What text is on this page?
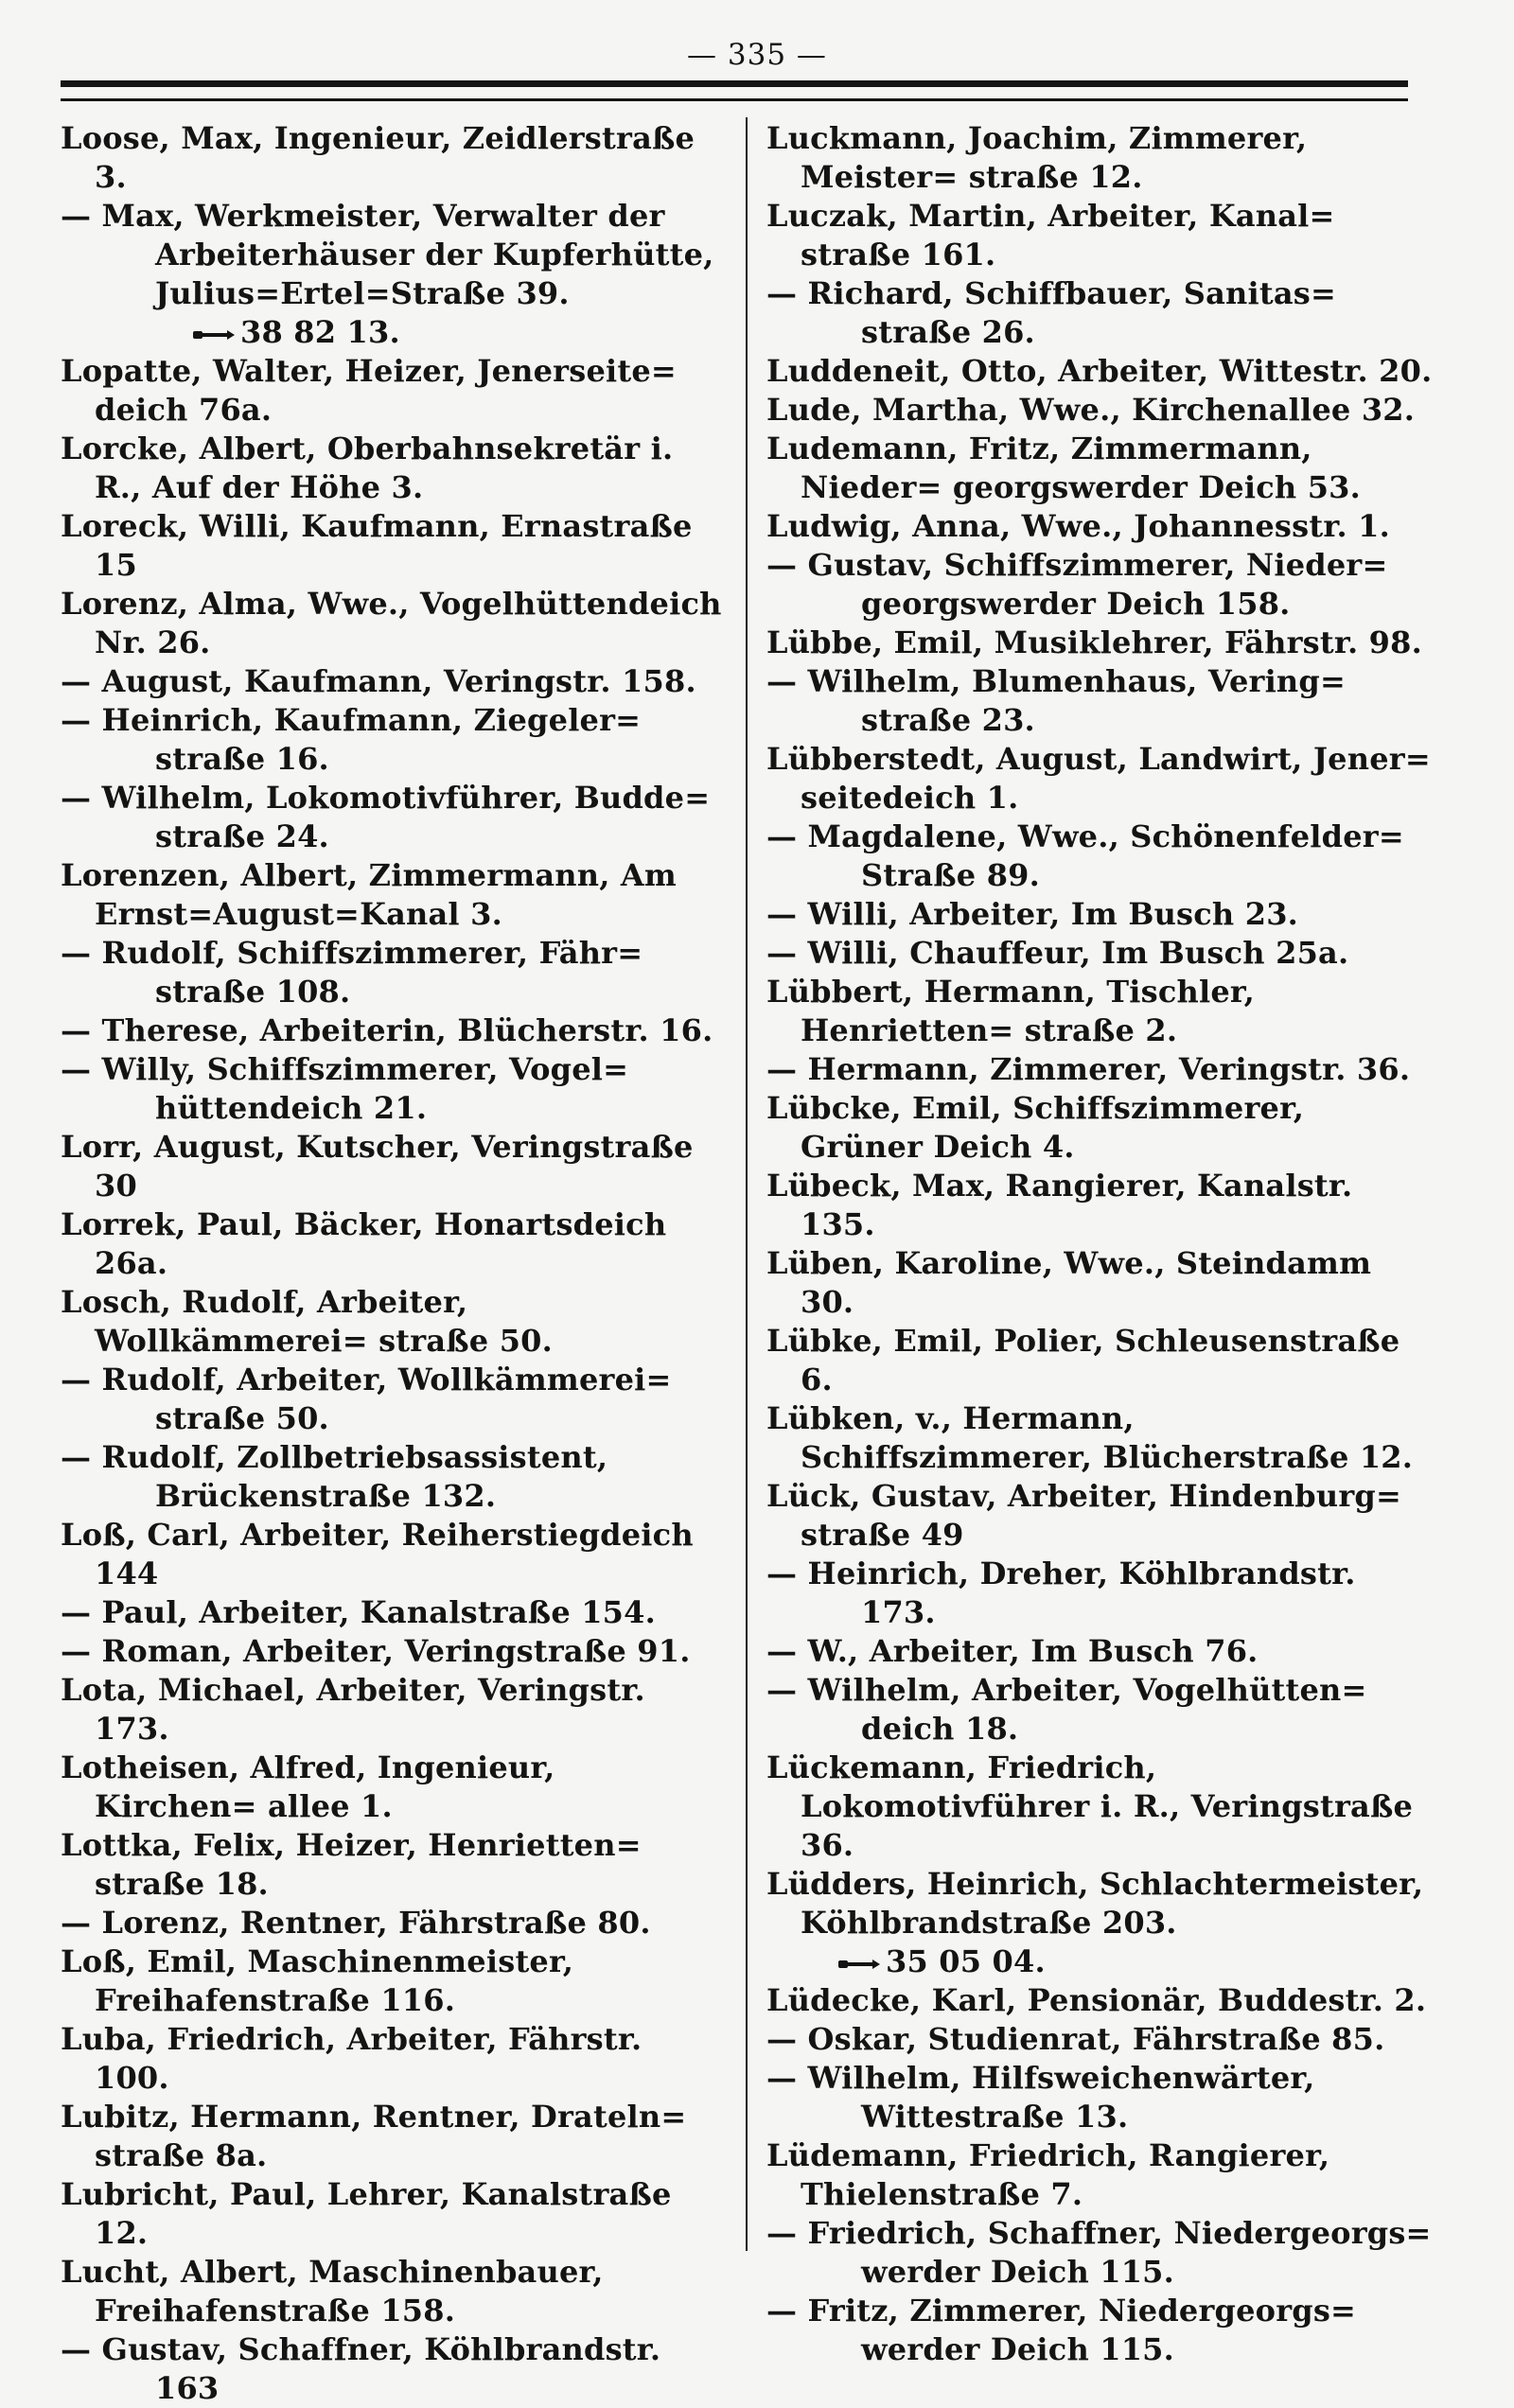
— 335 —
Loose, Max, Ingenieur, Zeidlerstraße 3.
— Max, Werkmeister, Verwalter der Arbeiterhäuser der Kupferhütte, Julius=Ertel=Straße 39.
38 82 13.
Lopatte, Walter, Heizer, Jenerseite= deich 76a.
Lorcke, Albert, Oberbahnsekretär i. R., Auf der Höhe 3.
Loreck, Willi, Kaufmann, Ernastraße 15
Lorenz, Alma, Wwe., Vogelhüttendeich Nr. 26.
— August, Kaufmann, Veringstr. 158.
— Heinrich, Kaufmann, Ziegeler= straße 16.
— Wilhelm, Lokomotivführer, Budde= straße 24.
Lorenzen, Albert, Zimmermann, Am Ernst=August=Kanal 3.
— Rudolf, Schiffszimmerer, Fähr= straße 108.
— Therese, Arbeiterin, Blücherstr. 16.
— Willy, Schiffszimmerer, Vogel= hüttendeich 21.
Lorr, August, Kutscher, Veringstraße 30
Lorrek, Paul, Bäcker, Honartsdeich 26a.
Losch, Rudolf, Arbeiter, Wollkämmerei= straße 50.
— Rudolf, Arbeiter, Wollkämmerei= straße 50.
— Rudolf, Zollbetriebsassistent, Brückenstraße 132.
Loß, Carl, Arbeiter, Reiherstiegdeich 144
— Paul, Arbeiter, Kanalstraße 154.
— Roman, Arbeiter, Veringstraße 91.
Lota, Michael, Arbeiter, Veringstr. 173.
Lotheisen, Alfred, Ingenieur, Kirchen= allee 1.
Lottka, Felix, Heizer, Henrietten= straße 18.
— Lorenz, Rentner, Fährstraße 80.
Loß, Emil, Maschinenmeister, Freihafenstraße 116.
Luba, Friedrich, Arbeiter, Fährstr. 100.
Lubitz, Hermann, Rentner, Drateln= straße 8a.
Lubricht, Paul, Lehrer, Kanalstraße 12.
Lucht, Albert, Maschinenbauer, Freihafenstraße 158.
— Gustav, Schaffner, Köhlbrandstr. 163
Luckmann, Joachim, Zimmerer, Meister= straße 12.
Luczak, Martin, Arbeiter, Kanal= straße 161.
— Richard, Schiffbauer, Sanitas= straße 26.
Luddeneit, Otto, Arbeiter, Wittestr. 20.
Lude, Martha, Wwe., Kirchenallee 32.
Ludemann, Fritz, Zimmermann, Nieder= georgswerder Deich 53.
Ludwig, Anna, Wwe., Johannesstr. 1.
— Gustav, Schiffszimmerer, Nieder= georgswerder Deich 158.
Lübbe, Emil, Musiklehrer, Fährstr. 98.
— Wilhelm, Blumenhaus, Vering= straße 23.
Lübberstedt, August, Landwirt, Jener= seitedeich 1.
— Magdalene, Wwe., Schönenfelder= Straße 89.
— Willi, Arbeiter, Im Busch 23.
— Willi, Chauffeur, Im Busch 25a.
Lübbert, Hermann, Tischler, Henrietten= straße 2.
— Hermann, Zimmerer, Veringstr. 36.
Lübcke, Emil, Schiffszimmerer, Grüner Deich 4.
Lübeck, Max, Rangierer, Kanalstr. 135.
Lüben, Karoline, Wwe., Steindamm 30.
Lübke, Emil, Polier, Schleusenstraße 6.
Lübken, v., Hermann, Schiffszimmerer, Blücherstraße 12.
Lück, Gustav, Arbeiter, Hindenburg= straße 49
— Heinrich, Dreher, Köhlbrandstr. 173.
— W., Arbeiter, Im Busch 76.
— Wilhelm, Arbeiter, Vogelhütten= deich 18.
Lückemann, Friedrich, Lokomotivführer i. R., Veringstraße 36.
Lüdders, Heinrich, Schlachtermeister, Köhlbrandstraße 203.
35 05 04.
Lüdecke, Karl, Pensionär, Buddestr. 2.
— Oskar, Studienrat, Fährstraße 85.
— Wilhelm, Hilfsweichenwärter, Wittestraße 13.
Lüdemann, Friedrich, Rangierer, Thielenstraße 7.
— Friedrich, Schaffner, Niedergeorgs= werder Deich 115.
— Fritz, Zimmerer, Niedergeorgs= werder Deich 115.
